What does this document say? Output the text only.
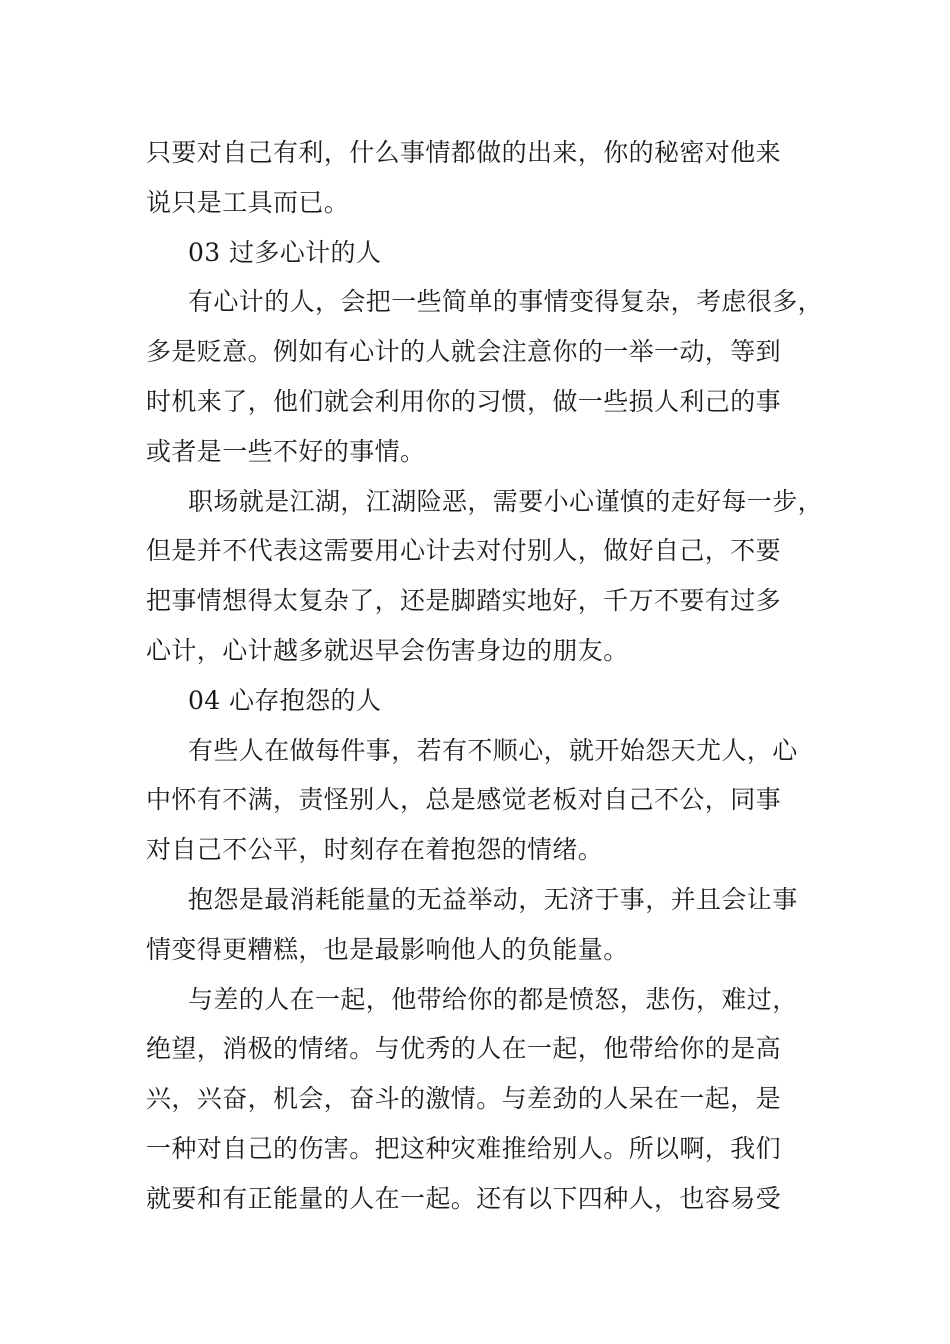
只要对自己有利，什么事情都做的出来，你的秘密对他来

说只是工具而已。

03 过多心计的人

有心计的人，会把一些简单的事情变得复杂，考虑很多，

多是贬意。例如有心计的人就会注意你的一举一动，等到

时机来了，他们就会利用你的习惯，做一些损人利己的事

或者是一些不好的事情。

职场就是江湖，江湖险恶，需要小心谨慎的走好每一步，

但是并不代表这需要用心计去对付别人，做好自己，不要

把事情想得太复杂了，还是脚踏实地好，千万不要有过多

心计，心计越多就迟早会伤害身边的朋友。

04 心存抱怨的人

有些人在做每件事，若有不顺心，就开始怨天尤人，心

中怀有不满，责怪别人，总是感觉老板对自己不公，同事

对自己不公平，时刻存在着抱怨的情绪。

抱怨是最消耗能量的无益举动，无济于事，并且会让事

情变得更糟糕，也是最影响他人的负能量。

与差的人在一起，他带给你的都是愤怒，悲伤，难过，

绝望，消极的情绪。与优秀的人在一起，他带给你的是高

兴，兴奋，机会，奋斗的激情。与差劲的人呆在一起，是

一种对自己的伤害。把这种灾难推给别人。所以啊，我们

就要和有正能量的人在一起。还有以下四种人，也容易受
